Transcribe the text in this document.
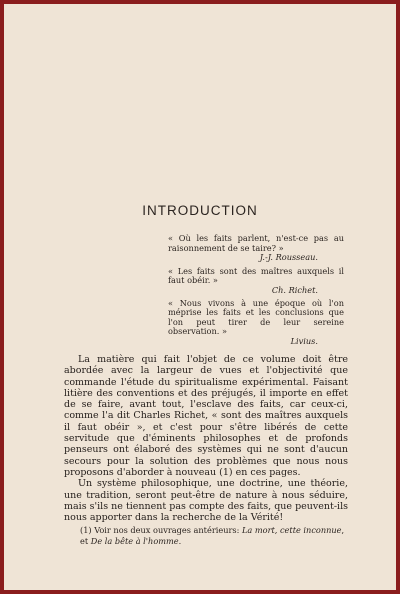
INTRODUCTION
« Où les faits parlent, n'est-ce pas au raisonnement de se taire? »
J.-J. Rousseau.
« Les faits sont des maîtres auxquels il faut obéir. »
Ch. Richet.
« Nous vivons à une époque où l'on méprise les faits et les conclusions que l'on peut tirer de leur sereine observation. »
Livius.

La matière qui fait l'objet de ce volume doit être abordée avec la largeur de vues et l'objectivité que commande l'étude du spiritualisme expérimental. Faisant litière des conventions et des préjugés, il importe en effet de se faire, avant tout, l'esclave des faits, car ceux-ci, comme l'a dit Charles Richet, « sont des maîtres auxquels il faut obéir », et c'est pour s'être libérés de cette servitude que d'éminents philosophes et de profonds penseurs ont élaboré des systèmes qui ne sont d'aucun secours pour la solution des problèmes que nous nous proposons d'aborder à nouveau (1) en ces pages.

Un système philosophique, une doctrine, une théorie, une tradition, seront peut-être de nature à nous séduire, mais s'ils ne tiennent pas compte des faits, que peuvent-ils nous apporter dans la recherche de la Vérité!

(1) Voir nos deux ouvrages antérieurs: La mort, cette inconnue, et De la bête à l'homme.
